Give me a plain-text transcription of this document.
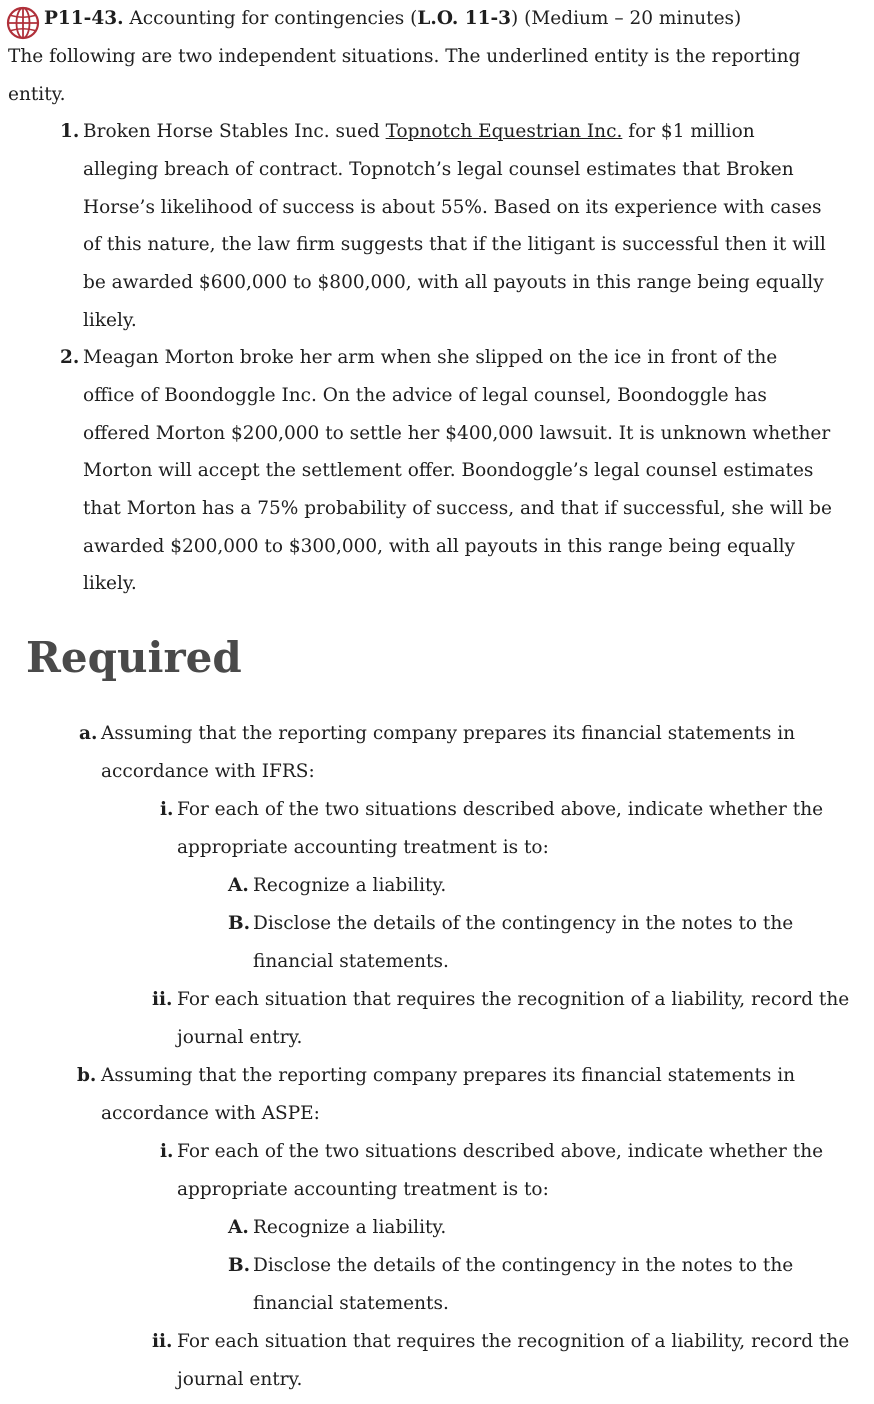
P11-43. Accounting for contingencies (L.O. 11-3) (Medium – 20 minutes)
The following are two independent situations. The underlined entity is the reporting
entity.
1. Broken Horse Stables Inc. sued Topnotch Equestrian Inc. for $1 million
alleging breach of contract. Topnotch’s legal counsel estimates that Broken
Horse’s likelihood of success is about 55%. Based on its experience with cases
of this nature, the law firm suggests that if the litigant is successful then it will
be awarded $600,000 to $800,000, with all payouts in this range being equally
likely.
2. Meagan Morton broke her arm when she slipped on the ice in front of the
office of Boondoggle Inc. On the advice of legal counsel, Boondoggle has
offered Morton $200,000 to settle her $400,000 lawsuit. It is unknown whether
Morton will accept the settlement offer. Boondoggle’s legal counsel estimates
that Morton has a 75% probability of success, and that if successful, she will be
awarded $200,000 to $300,000, with all payouts in this range being equally
likely.
Required
a. Assuming that the reporting company prepares its financial statements in
accordance with IFRS:
i. For each of the two situations described above, indicate whether the
appropriate accounting treatment is to:
A. Recognize a liability.
B. Disclose the details of the contingency in the notes to the
financial statements.
ii. For each situation that requires the recognition of a liability, record the
journal entry.
b. Assuming that the reporting company prepares its financial statements in
accordance with ASPE:
i. For each of the two situations described above, indicate whether the
appropriate accounting treatment is to:
A. Recognize a liability.
B. Disclose the details of the contingency in the notes to the
financial statements.
ii. For each situation that requires the recognition of a liability, record the
journal entry.
